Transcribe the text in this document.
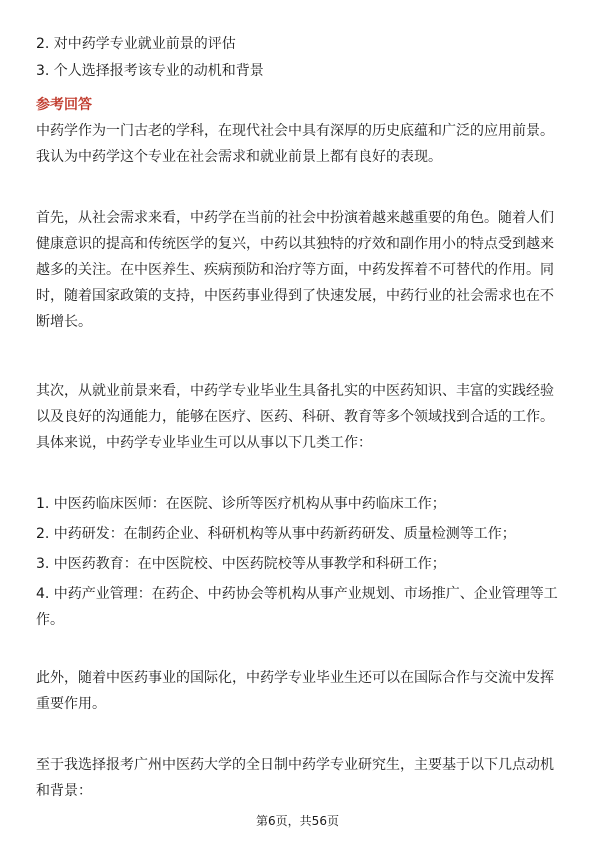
2. 对中药学专业就业前景的评估
3. 个人选择报考该专业的动机和背景
参考回答
中药学作为一门古老的学科，在现代社会中具有深厚的历史底蕴和广泛的应用前景。我认为中药学这个专业在社会需求和就业前景上都有良好的表现。
首先，从社会需求来看，中药学在当前的社会中扮演着越来越重要的角色。随着人们健康意识的提高和传统医学的复兴，中药以其独特的疗效和副作用小的特点受到越来越多的关注。在中医养生、疾病预防和治疗等方面，中药发挥着不可替代的作用。同时，随着国家政策的支持，中医药事业得到了快速发展，中药行业的社会需求也在不断增长。
其次，从就业前景来看，中药学专业毕业生具备扎实的中医药知识、丰富的实践经验以及良好的沟通能力，能够在医疗、医药、科研、教育等多个领域找到合适的工作。具体来说，中药学专业毕业生可以从事以下几类工作：
1. 中医药临床医师：在医院、诊所等医疗机构从事中药临床工作；
2. 中药研发：在制药企业、科研机构等从事中药新药研发、质量检测等工作；
3. 中医药教育：在中医院校、中医药院校等从事教学和科研工作；
4. 中药产业管理：在药企、中药协会等机构从事产业规划、市场推广、企业管理等工作。
此外，随着中医药事业的国际化，中药学专业毕业生还可以在国际合作与交流中发挥重要作用。
至于我选择报考广州中医药大学的全日制中药学专业研究生，主要基于以下几点动机和背景：
第6页，共56页
